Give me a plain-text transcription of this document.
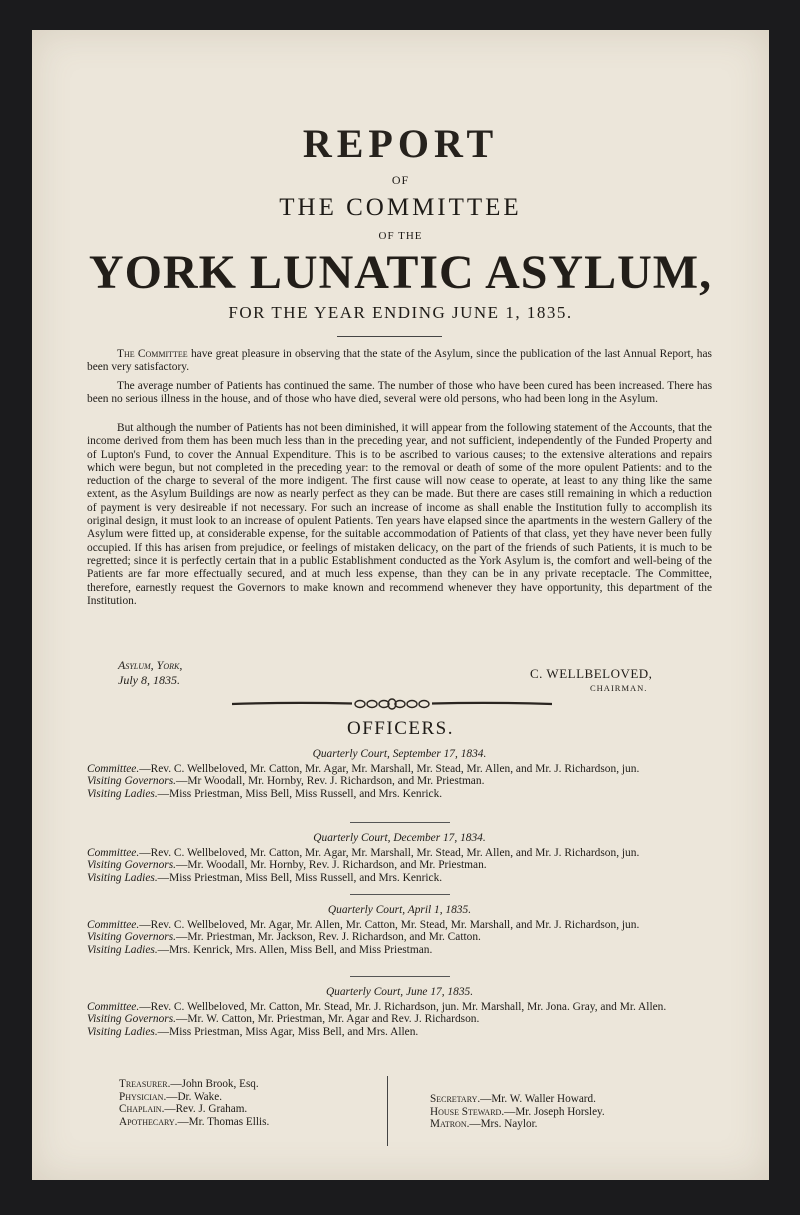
REPORT
OF
THE COMMITTEE
OF THE
YORK LUNATIC ASYLUM,
FOR THE YEAR ENDING JUNE 1, 1835.

The Committee have great pleasure in observing that the state of the Asylum, since the publication of the last Annual Report, has been very satisfactory.

The average number of Patients has continued the same. The number of those who have been cured has been increased. There has been no serious illness in the house, and of those who have died, several were old persons, who had been long in the Asylum.

But although the number of Patients has not been diminished, it will appear from the following statement of the Accounts, that the income derived from them has been much less than in the preceding year, and not sufficient, independently of the Funded Property and of Lupton's Fund, to cover the Annual Expenditure. This is to be ascribed to various causes; to the extensive alterations and repairs which were begun, but not completed in the preceding year: to the removal or death of some of the more opulent Patients: and to the reduction of the charge to several of the more indigent. The first cause will now cease to operate, at least to any thing like the same extent, as the Asylum Buildings are now as nearly perfect as they can be made. But there are cases still remaining in which a reduction of payment is very desireable if not necessary. For such an increase of income as shall enable the Institution fully to accomplish its original design, it must look to an increase of opulent Patients. Ten years have elapsed since the apartments in the western Gallery of the Asylum were fitted up, at considerable expense, for the suitable accommodation of Patients of that class, yet they have never been fully occupied. If this has arisen from prejudice, or feelings of mistaken delicacy, on the part of the friends of such Patients, it is much to be regretted; since it is perfectly certain that in a public Establishment conducted as the York Asylum is, the comfort and well-being of the Patients are far more effectually secured, and at much less expense, than they can be in any private receptacle. The Committee, therefore, earnestly request the Governors to make known and recommend whenever they have opportunity, this department of the Institution.

Asylum, York,
July 8, 1835.	C. WELLBELOVED,
CHAIRMAN.
OFFICERS.
Quarterly Court, September 17, 1834.
Committee.—Rev. C. Wellbeloved, Mr. Catton, Mr. Agar, Mr. Marshall, Mr. Stead, Mr. Allen, and Mr. J. Richardson, jun.
Visiting Governors.—Mr Woodall, Mr. Hornby, Rev. J. Richardson, and Mr. Priestman.
Visiting Ladies.—Miss Priestman, Miss Bell, Miss Russell, and Mrs. Kenrick.
Quarterly Court, December 17, 1834.
Committee.—Rev. C. Wellbeloved, Mr. Catton, Mr. Agar, Mr. Marshall, Mr. Stead, Mr. Allen, and Mr. J. Richardson, jun.
Visiting Governors.—Mr. Woodall, Mr. Hornby, Rev. J. Richardson, and Mr. Priestman.
Visiting Ladies.—Miss Priestman, Miss Bell, Miss Russell, and Mrs. Kenrick.
Quarterly Court, April 1, 1835.
Committee.—Rev. C. Wellbeloved, Mr. Agar, Mr. Allen, Mr. Catton, Mr. Stead, Mr. Marshall, and Mr. J. Richardson, jun.
Visiting Governors.—Mr. Priestman, Mr. Jackson, Rev. J. Richardson, and Mr. Catton.
Visiting Ladies.—Mrs. Kenrick, Mrs. Allen, Miss Bell, and Miss Priestman.
Quarterly Court, June 17, 1835.
Committee.—Rev. C. Wellbeloved, Mr. Catton, Mr. Stead, Mr. J. Richardson, jun. Mr. Marshall, Mr. Jona. Gray, and Mr. Allen.
Visiting Governors.—Mr. W. Catton, Mr. Priestman, Mr. Agar and Rev. J. Richardson.
Visiting Ladies.—Miss Priestman, Miss Agar, Miss Bell, and Mrs. Allen.
Treasurer.—John Brook, Esq.
Physician.—Dr. Wake.
Chaplain.—Rev. J. Graham.
Apothecary.—Mr. Thomas Ellis.
Secretary.—Mr. W. Waller Howard.
House Steward.—Mr. Joseph Horsley.
Matron.—Mrs. Naylor.
